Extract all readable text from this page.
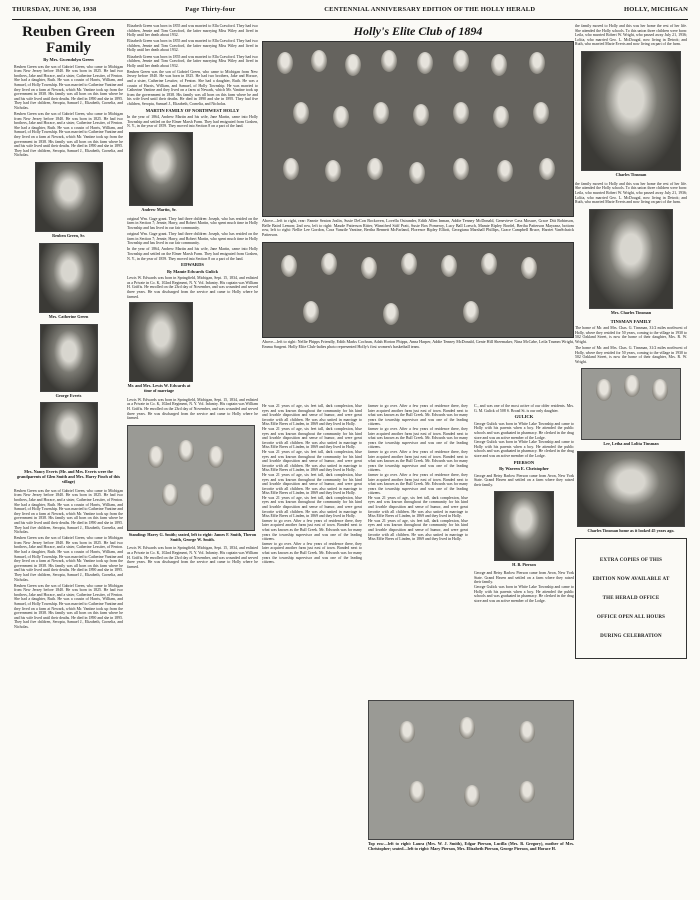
THURSDAY, JUNE 30, 1938	Page Thirty-four	CENTENNIAL ANNIVERSARY EDITION OF THE HOLLY HERALD	HOLLY, MICHIGAN
Reuben Green Family
By Mrs. Gwendolyn Green

Reuben Green was the son of Gabriel Green, who came to Michigan from New Jersey before 1840. He was born in 1825. He had two brothers, Jake and Horace, and a sister, Catherine Lessiter, of Fenton. She had a daughter, Ruth. He was a cousin of Harris, William, and Samuel, of Holly Township. He was married to Catherine Vantine and they lived on a farm at Newark, which Mr. Vantine took up from the government in 1838. His family was all born on this farm where he and his wife lived until their deaths. He died in 1890 and she in 1895. They had five children, Seroptu, Samuel J., Elizabeth, Cornelia, and Nicholas.

Reuben Green was the son of Gabriel Green, who came to Michigan from New Jersey before 1840. He was born in 1825. He had two brothers, Jake and Horace, and a sister, Catherine Lessiter, of Fenton. She had a daughter, Ruth. He was a cousin of Harris, William, and Samuel, of Holly Township. He was married to Catherine Vantine and they lived on a farm at Newark, which Mr. Vantine took up from the government in 1838. His family was all born on this farm where he and his wife lived until their deaths. He died in 1890 and she in 1895. They had five children, Seroptu, Samuel J., Elizabeth, Cornelia, and Nicholas.

Reuben Green, Sr.
Mrs. Catherine Green
George Everts
Mrs. Nancy Everts (Mr. and Mrs. Everts were the grandparents of Glen Smith and Mrs. Harry Finch of this village)

Reuben Green was the son of Gabriel Green, who came to Michigan from New Jersey before 1840. He was born in 1825. He had two brothers, Jake and Horace, and a sister, Catherine Lessiter, of Fenton. She had a daughter, Ruth. He was a cousin of Harris, William, and Samuel, of Holly Township. He was married to Catherine Vantine and they lived on a farm at Newark, which Mr. Vantine took up from the government in 1838. His family was all born on this farm where he and his wife lived until their deaths. He died in 1890 and she in 1895. They had five children, Seroptu, Samuel J., Elizabeth, Cornelia, and Nicholas.

Reuben Green was the son of Gabriel Green, who came to Michigan from New Jersey before 1840. He was born in 1825. He had two brothers, Jake and Horace, and a sister, Catherine Lessiter, of Fenton. She had a daughter, Ruth. He was a cousin of Harris, William, and Samuel, of Holly Township. He was married to Catherine Vantine and they lived on a farm at Newark, which Mr. Vantine took up from the government in 1838. His family was all born on this farm where he and his wife lived until their deaths. He died in 1890 and she in 1895. They had five children, Seroptu, Samuel J., Elizabeth, Cornelia, and Nicholas.

Reuben Green was the son of Gabriel Green, who came to Michigan from New Jersey before 1840. He was born in 1825. He had two brothers, Jake and Horace, and a sister, Catherine Lessiter, of Fenton. She had a daughter, Ruth. He was a cousin of Harris, William, and Samuel, of Holly Township. He was married to Catherine Vantine and they lived on a farm at Newark, which Mr. Vantine took up from the government in 1838. His family was all born on this farm where he and his wife lived until their deaths. He died in 1890 and she in 1895. They had five children, Seroptu, Samuel J., Elizabeth, Cornelia, and Nicholas.

Elizabeth Green was born in 1855 and was married to Ella Crawford. They had two children, Jennie and Tom Crawford, the latter marrying Miss Wiley and lived in Holly until her death about 1932.

Elizabeth Green was born in 1855 and was married to Ella Crawford. They had two children, Jennie and Tom Crawford, the latter marrying Miss Wiley and lived in Holly until her death about 1932.

Elizabeth Green was born in 1855 and was married to Ella Crawford. They had two children, Jennie and Tom Crawford, the latter marrying Miss Wiley and lived in Holly until her death about 1932.

Reuben Green was the son of Gabriel Green, who came to Michigan from New Jersey before 1840. He was born in 1825. He had two brothers, Jake and Horace, and a sister, Catherine Lessiter, of Fenton. She had a daughter, Ruth. He was a cousin of Harris, William, and Samuel, of Holly Township. He was married to Catherine Vantine and they lived on a farm at Newark, which Mr. Vantine took up from the government in 1838. His family was all born on this farm where he and his wife lived until their deaths. He died in 1890 and she in 1895. They had five children, Seroptu, Samuel J., Elizabeth, Cornelia, and Nicholas.

MARTIN FAMILY OF NORTHWEST HOLLY

In the year of 1864, Andrew Martin and his wife, Jane Martin, came into Holly Township and settled on the Elmer Marsh Farm. They had emigrated from Goshen, N. Y., in the year of 1859. They moved into Section 8 on a part of the land.

Andrew Martin, Sr.

original Wm. Gage grant. They had three children: Joseph, who has resided on the farm in Section 7; Jennie, Harry, and Robert Martin, who spent much time in Holly Township and has lived in our fair community.

original Wm. Gage grant. They had three children: Joseph, who has resided on the farm in Section 7; Jennie, Harry, and Robert Martin, who spent much time in Holly Township and has lived in our fair community.

In the year of 1864, Andrew Martin and his wife, Jane Martin, came into Holly Township and settled on the Elmer Marsh Farm. They had emigrated from Goshen, N. Y., in the year of 1859. They moved into Section 8 on a part of the land.

EDWARDS
By Mamie Edwards Gulick

Lewis W. Edwards was born in Springfield, Michigan, Sept. 15, 1834, and enlisted as a Private in Co. K, 102nd Regiment, N. Y. Vol. Infantry. His captain was William H. Griffis. He enrolled on the 23rd day of November, and was wounded and served three years. He was discharged from the service and came to Holly where he farmed.

Mr. and Mrs. Lewis W. Edwards at time of marriage

Lewis W. Edwards was born in Springfield, Michigan, Sept. 15, 1834, and enlisted as a Private in Co. K, 102nd Regiment, N. Y. Vol. Infantry. His captain was William H. Griffis. He enrolled on the 23rd day of November, and was wounded and served three years. He was discharged from the service and came to Holly where he farmed.

Standing: Harry G. Smith; seated, left to right: James F. Smith, Theron Smith, George W. Smith.

Lewis W. Edwards was born in Springfield, Michigan, Sept. 15, 1834, and enlisted as a Private in Co. K, 102nd Regiment, N. Y. Vol. Infantry. His captain was William H. Griffis. He enrolled on the 23rd day of November, and was wounded and served three years. He was discharged from the service and came to Holly where he farmed.

Holly's Elite Club of 1894
Above—left to right, rear: Fannie Seaton Joslin, Susie DeCon Bockoven, Lovella Ostrander, Edith Allen Inman, Addie Tenney McDonald, Genevieve Cass Mosure, Grace Ditt Robinson, Belle Baird Lemon; 2nd row, left to right: Maude Patterson Ritter, Winnifred Stiff Pratt, Susie Box Pomeroy, Lucy Ball Loesch, Mamie Ripley Bordel, Bertha Patterson Mayranz, bottom row, left to right: Nellie Lee Gordon, Cora Vanzile Vantine, Bertha Bennett McFarland, Florence Ripley Elliott, Georgiana Marshall Phillips, Grace Campbell Bruce, Harriet VanSchaick Patterson.
Above—left to right: Nellie Phipps Friendly, Edith Marks Cochran, Adah Horton Phipps, Anna Harper, Addie Tenney McDonald, Genie Hill Sheemaker, Nina McCabe, Leila Trumm Wright, Emma Sargent. Holly Elite Club-ladies photo represented Holly's first women's basketball team.

He was 21 years of age, six feet tall, dark complexion, blue eyes and was known throughout the community for his kind and lovable disposition and sense of humor, and were great favorite with all children. He was also united in marriage to Miss Effie Brees of Linden, in 1869 and they lived in Holly.

He was 21 years of age, six feet tall, dark complexion, blue eyes and was known throughout the community for his kind and lovable disposition and sense of humor, and were great favorite with all children. He was also united in marriage to Miss Effie Brees of Linden, in 1869 and they lived in Holly.

He was 21 years of age, six feet tall, dark complexion, blue eyes and was known throughout the community for his kind and lovable disposition and sense of humor, and were great favorite with all children. He was also united in marriage to Miss Effie Brees of Linden, in 1869 and they lived in Holly.

He was 21 years of age, six feet tall, dark complexion, blue eyes and was known throughout the community for his kind and lovable disposition and sense of humor, and were great favorite with all children. He was also united in marriage to Miss Effie Brees of Linden, in 1869 and they lived in Holly.

He was 21 years of age, six feet tall, dark complexion, blue eyes and was known throughout the community for his kind and lovable disposition and sense of humor, and were great favorite with all children. He was also united in marriage to Miss Effie Brees of Linden, in 1869 and they lived in Holly.

farmer to go over. After a few years of residence there, they later acquired another farm just east of town. Bonded next to what was known as the Bull Creek. Mr. Edwards was for many years the township supervisor and was one of the leading citizens.

farmer to go over. After a few years of residence there, they later acquired another farm just east of town. Bonded next to what was known as the Bull Creek. Mr. Edwards was for many years the township supervisor and was one of the leading citizens.

farmer to go over. After a few years of residence there, they later acquired another farm just east of town. Bonded next to what was known as the Bull Creek. Mr. Edwards was for many years the township supervisor and was one of the leading citizens.

farmer to go over. After a few years of residence there, they later acquired another farm just east of town. Bonded next to what was known as the Bull Creek. Mr. Edwards was for many years the township supervisor and was one of the leading citizens.

farmer to go over. After a few years of residence there, they later acquired another farm just east of town. Bonded next to what was known as the Bull Creek. Mr. Edwards was for many years the township supervisor and was one of the leading citizens.

farmer to go over. After a few years of residence there, they later acquired another farm just east of town. Bonded next to what was known as the Bull Creek. Mr. Edwards was for many years the township supervisor and was one of the leading citizens.

He was 21 years of age, six feet tall, dark complexion, blue eyes and was known throughout the community for his kind and lovable disposition and sense of humor, and were great favorite with all children. He was also united in marriage to Miss Effie Brees of Linden, in 1869 and they lived in Holly.

He was 21 years of age, six feet tall, dark complexion, blue eyes and was known throughout the community for his kind and lovable disposition and sense of humor, and were great favorite with all children. He was also united in marriage to Miss Effie Brees of Linden, in 1869 and they lived in Holly.

C., and was one of the most active of our older residents. Mrs. G. M. Gulick of 508 S. Broad St. is our only daughter.

GULICK

George Gulick was born in White Lake Township and came to Holly with his parents when a boy. He attended the public schools and was graduated in pharmacy. He clerked in the drug store and was an active member of the Lodge.

George Gulick was born in White Lake Township and came to Holly with his parents when a boy. He attended the public schools and was graduated in pharmacy. He clerked in the drug store and was an active member of the Lodge.

PIERSON
By Warren E. Christopher

George and Betsy Barlow Pierson came from Avon, New York State. Grand Haven and settled on a farm where they raised their family.

H. B. Pierson

George and Betsy Barlow Pierson came from Avon, New York State. Grand Haven and settled on a farm where they raised their family.

George Gulick was born in White Lake Township and came to Holly with his parents when a boy. He attended the public schools and was graduated in pharmacy. He clerked in the drug store and was an active member of the Lodge.

Top row—left to right: Laura (Mrs. W. J. Smith), Edgar Pierson, Lucilla (Mrs. B. Gregory), mother of Mrs. Christopher; seated—left to right: Mary Pierson, Mrs. Elizabeth Pierson, George Pierson, and Horace H.

the family moved to Holly and this was her home the rest of her life. She attended the Holly schools. To this union three children were born: Leila, who married Robert W. Wright, who passed away July 21, 1936; Lolita, who married Geo. L. McDougal, now living in Detroit; and Ruth, who married Marie Everts and now living on part of the farm.

Charles Tinsman

the family moved to Holly and this was her home the rest of her life. She attended the Holly schools. To this union three children were born: Leila, who married Robert W. Wright, who passed away July 21, 1936; Lolita, who married Geo. L. McDougal, now living in Detroit; and Ruth, who married Marie Everts and now living on part of the farm.

Mrs. Charles Tinsman
TINSMAN FAMILY

The home of Mr. and Mrs. Chas. G. Tinsman, 31/2 miles northwest of Holly, where they resided for 50 years, coming to the village in 1930 to 502 Oakland Street, is now the home of their daughter, Mrs. R. W. Wright.

The home of Mr. and Mrs. Chas. G. Tinsman, 31/2 miles northwest of Holly, where they resided for 50 years, coming to the village in 1930 to 502 Oakland Street, is now the home of their daughter, Mrs. R. W. Wright.

Lee, Letha and Lolita Tinsman
Charles Tinsman home as it looked 45 years ago.
EXTRA COPIES OF THIS
EDITION NOW AVAILABLE AT
THE HERALD OFFICE
OFFICE OPEN ALL HOURS
DURING CELEBRATION
